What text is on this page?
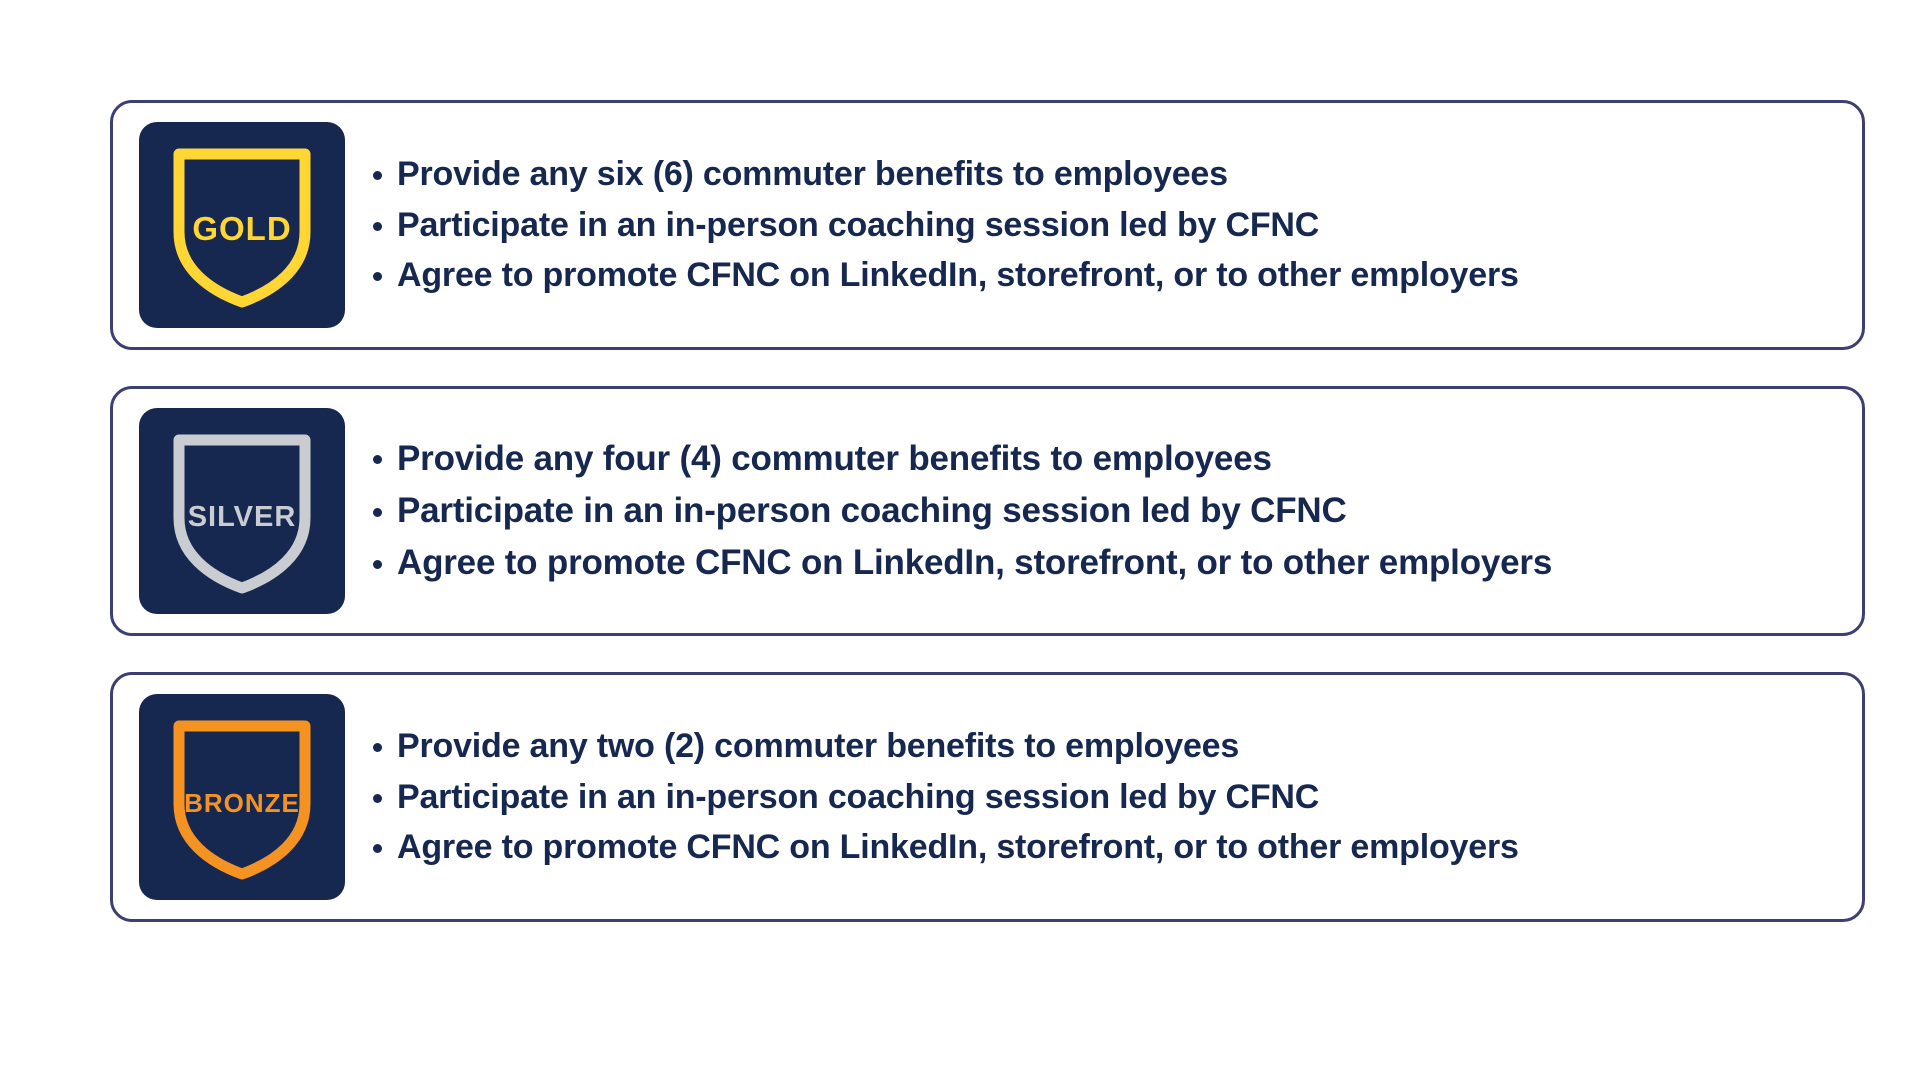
GOLD
Provide any six (6) commuter benefits to employees
Participate in an in-person coaching session led by CFNC
Agree to promote CFNC on LinkedIn, storefront, or to other employers
SILVER
Provide any four (4) commuter benefits to employees
Participate in an in-person coaching session led by CFNC
Agree to promote CFNC on LinkedIn, storefront, or to other employers
BRONZE
Provide any two (2) commuter benefits to employees
Participate in an in-person coaching session led by CFNC
Agree to promote CFNC on LinkedIn, storefront, or to other employers
